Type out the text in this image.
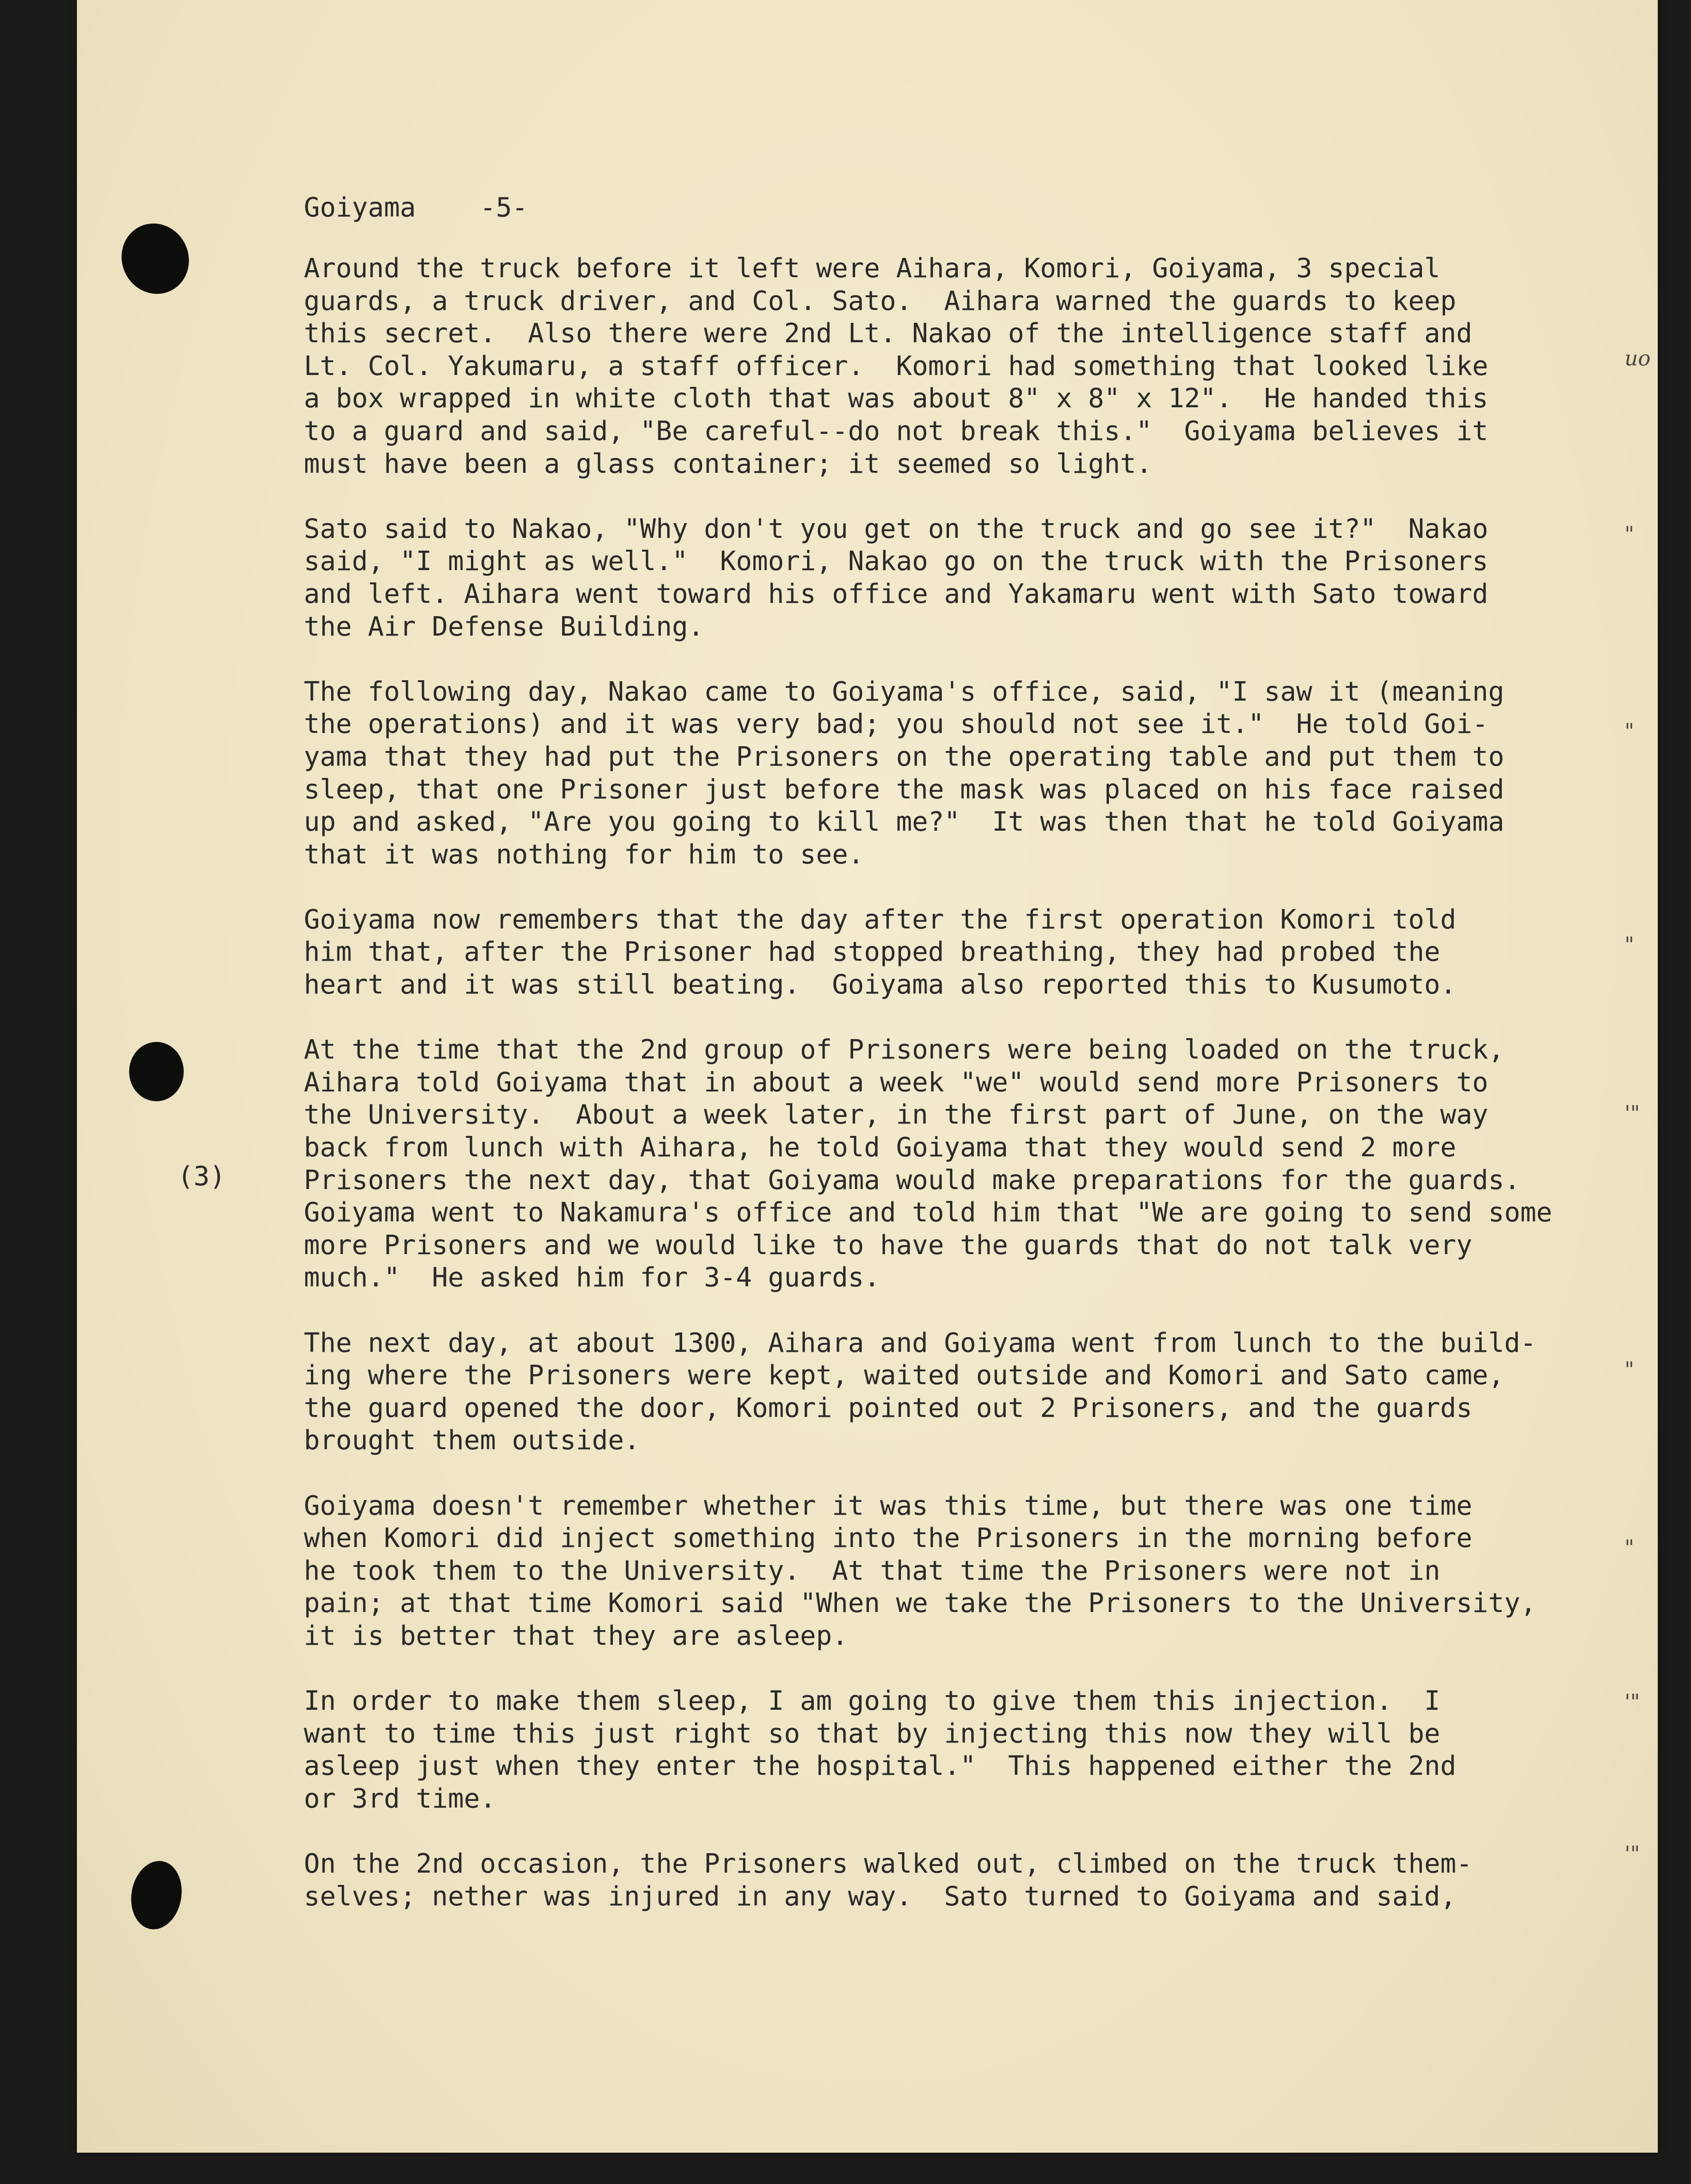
Goiyama -5-
(3)
Around the truck before it left were Aihara, Komori, Goiyama, 3 special
guards, a truck driver, and Col. Sato.  Aihara warned the guards to keep
this secret.  Also there were 2nd Lt. Nakao of the intelligence staff and
Lt. Col. Yakumaru, a staff officer.  Komori had something that looked like
a box wrapped in white cloth that was about 8" x 8" x 12".  He handed this
to a guard and said, "Be careful--do not break this."  Goiyama believes it
must have been a glass container; it seemed so light.
Sato said to Nakao, "Why don't you get on the truck and go see it?"  Nakao
said, "I might as well."  Komori, Nakao go on the truck with the Prisoners
and left. Aihara went toward his office and Yakamaru went with Sato toward
the Air Defense Building.
The following day, Nakao came to Goiyama's office, said, "I saw it (meaning
the operations) and it was very bad; you should not see it."  He told Goi-
yama that they had put the Prisoners on the operating table and put them to
sleep, that one Prisoner just before the mask was placed on his face raised
up and asked, "Are you going to kill me?"  It was then that he told Goiyama
that it was nothing for him to see.
Goiyama now remembers that the day after the first operation Komori told
him that, after the Prisoner had stopped breathing, they had probed the
heart and it was still beating.  Goiyama also reported this to Kusumoto.
At the time that the 2nd group of Prisoners were being loaded on the truck,
Aihara told Goiyama that in about a week "we" would send more Prisoners to
the University.  About a week later, in the first part of June, on the way
back from lunch with Aihara, he told Goiyama that they would send 2 more
Prisoners the next day, that Goiyama would make preparations for the guards.
Goiyama went to Nakamura's office and told him that "We are going to send some
more Prisoners and we would like to have the guards that do not talk very
much."  He asked him for 3-4 guards.
The next day, at about 1300, Aihara and Goiyama went from lunch to the build-
ing where the Prisoners were kept, waited outside and Komori and Sato came,
the guard opened the door, Komori pointed out 2 Prisoners, and the guards
brought them outside.
Goiyama doesn't remember whether it was this time, but there was one time
when Komori did inject something into the Prisoners in the morning before
he took them to the University.  At that time the Prisoners were not in
pain; at that time Komori said "When we take the Prisoners to the University,
it is better that they are asleep.
In order to make them sleep, I am going to give them this injection.  I
want to time this just right so that by injecting this now they will be
asleep just when they enter the hospital."  This happened either the 2nd
or 3rd time.
On the 2nd occasion, the Prisoners walked out, climbed on the truck them-
selves; nether was injured in any way.  Sato turned to Goiyama and said,
uo
"
"
"
'"
"
"
'"
'"
